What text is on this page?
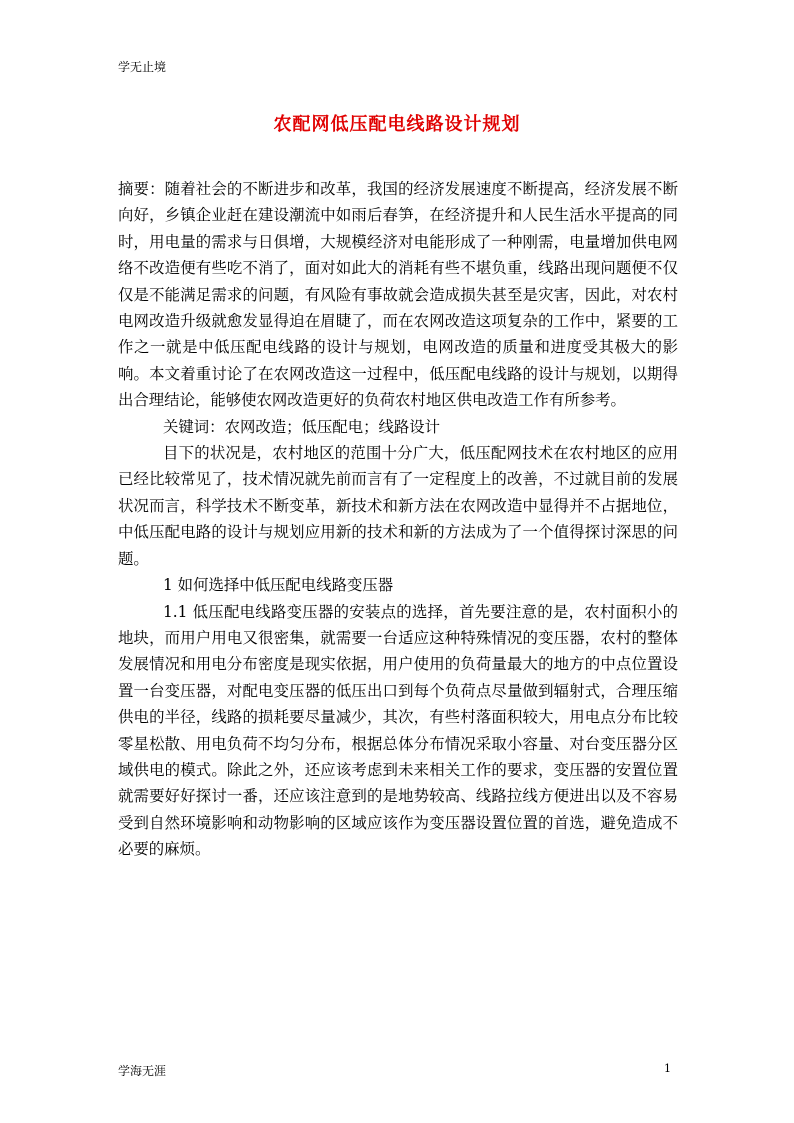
学无止境
农配网低压配电线路设计规划

摘要：随着社会的不断进步和改革，我国的经济发展速度不断提高，经济发展不断向好，乡镇企业赶在建设潮流中如雨后春笋，在经济提升和人民生活水平提高的同时，用电量的需求与日俱增，大规模经济对电能形成了一种刚需，电量增加供电网络不改造便有些吃不消了，面对如此大的消耗有些不堪负重，线路出现问题便不仅仅是不能满足需求的问题，有风险有事故就会造成损失甚至是灾害，因此，对农村电网改造升级就愈发显得迫在眉睫了，而在农网改造这项复杂的工作中，紧要的工作之一就是中低压配电线路的设计与规划，电网改造的质量和进度受其极大的影响。本文着重讨论了在农网改造这一过程中，低压配电线路的设计与规划，以期得出合理结论，能够使农网改造更好的负荷农村地区供电改造工作有所参考。

关键词：农网改造；低压配电；线路设计

目下的状况是，农村地区的范围十分广大，低压配网技术在农村地区的应用已经比较常见了，技术情况就先前而言有了一定程度上的改善，不过就目前的发展状况而言，科学技术不断变革，新技术和新方法在农网改造中显得并不占据地位，中低压配电路的设计与规划应用新的技术和新的方法成为了一个值得探讨深思的问题。

1 如何选择中低压配电线路变压器

1.1 低压配电线路变压器的安装点的选择，首先要注意的是，农村面积小的地块，而用户用电又很密集，就需要一台适应这种特殊情况的变压器，农村的整体发展情况和用电分布密度是现实依据，用户使用的负荷量最大的地方的中点位置设置一台变压器，对配电变压器的低压出口到每个负荷点尽量做到辐射式，合理压缩供电的半径，线路的损耗要尽量减少，其次，有些村落面积较大，用电点分布比较零星松散、用电负荷不均匀分布，根据总体分布情况采取小容量、对台变压器分区域供电的模式。除此之外，还应该考虑到未来相关工作的要求，变压器的安置位置就需要好好探讨一番，还应该注意到的是地势较高、线路拉线方便进出以及不容易受到自然环境影响和动物影响的区域应该作为变压器设置位置的首选，避免造成不必要的麻烦。

学海无涯	1
